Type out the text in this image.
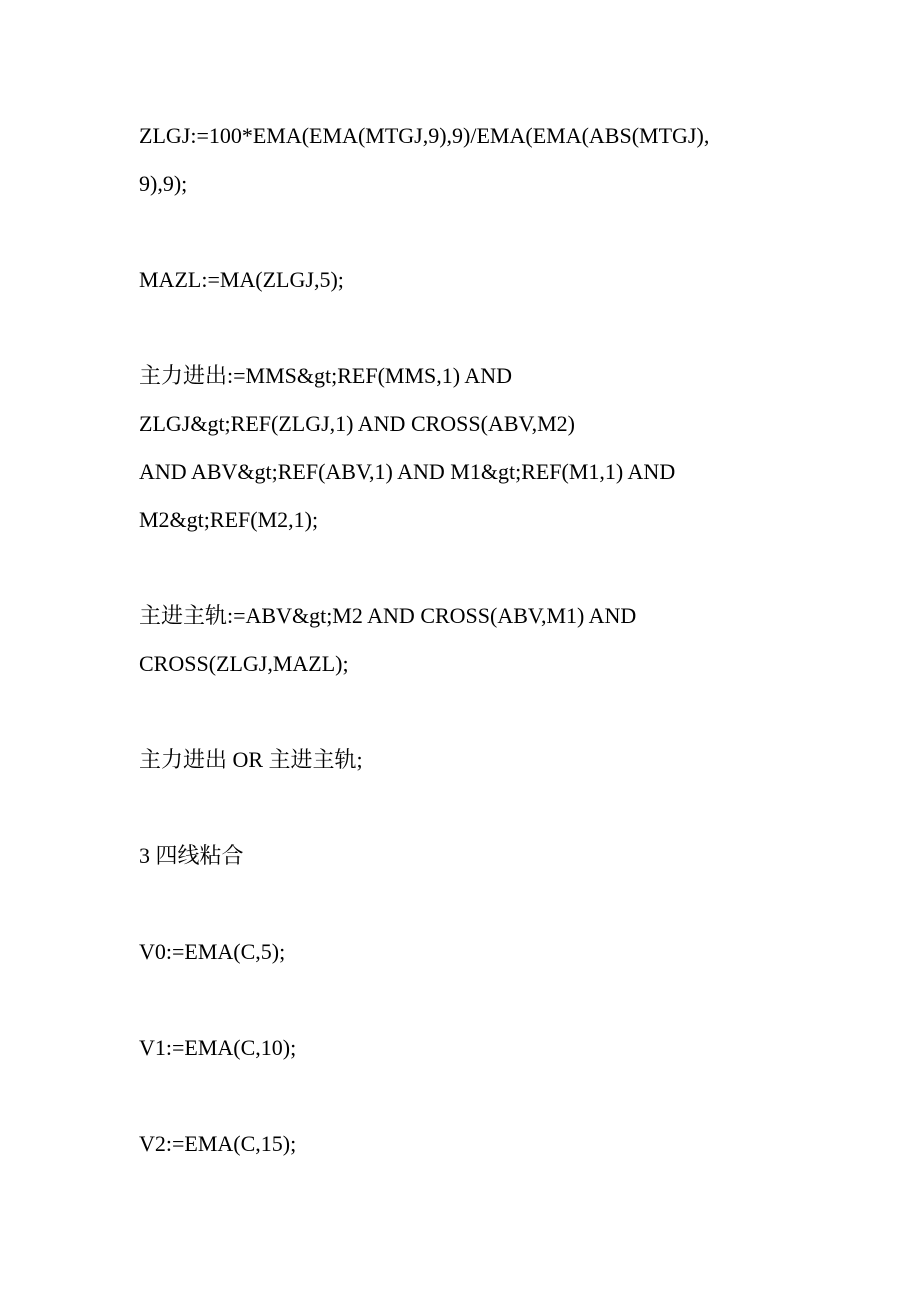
ZLGJ:=100*EMA(EMA(MTGJ,9),9)/EMA(EMA(ABS(MTGJ),
9),9);
MAZL:=MA(ZLGJ,5);
主力进出:=MMS&gt;REF(MMS,1) AND
ZLGJ&gt;REF(ZLGJ,1) AND CROSS(ABV,M2)
AND ABV&gt;REF(ABV,1) AND M1&gt;REF(M1,1) AND
M2&gt;REF(M2,1);
主进主轨:=ABV&gt;M2 AND CROSS(ABV,M1) AND
CROSS(ZLGJ,MAZL);
主力进出 OR 主进主轨;
3 四线粘合
V0:=EMA(C,5);
V1:=EMA(C,10);
V2:=EMA(C,15);
